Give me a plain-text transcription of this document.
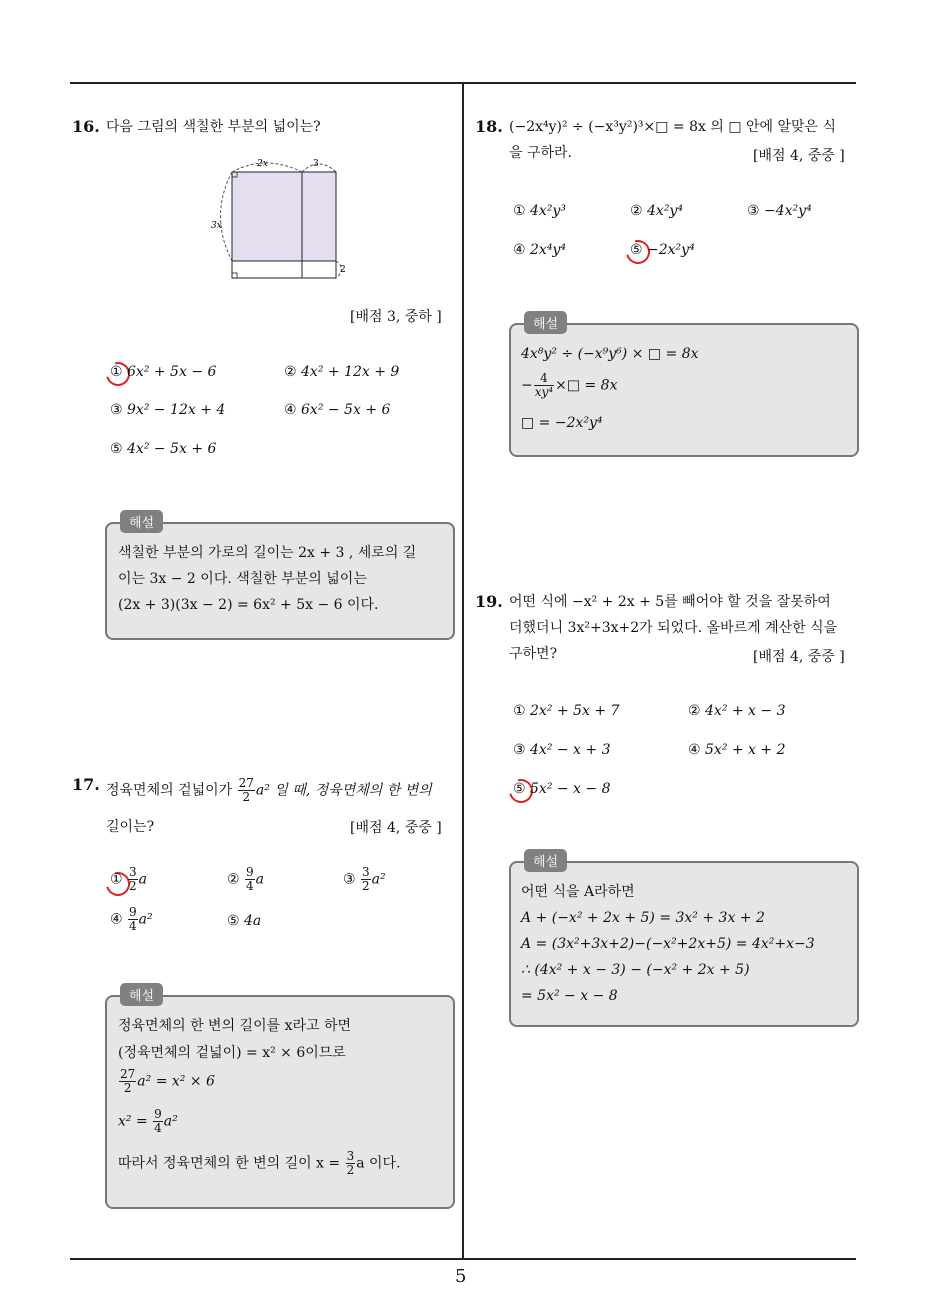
5
16. 다음 그림의 색칠한 부분의 넓이는?
2x	3
3x
2
[배점 3, 중하 ]
① 6x² + 5x − 6	② 4x² + 12x + 9
③ 9x² − 12x + 4	④ 6x² − 5x + 6
⑤ 4x² − 5x + 6
해설
색칠한 부분의 가로의 길이는 2x + 3 , 세로의 길
이는 3x − 2 이다. 색칠한 부분의 넓이는
(2x + 3)(3x − 2) = 6x² + 5x − 6 이다.
17. 정육면체의 겉넓이가 $\frac{27}{2} a^2$ 일 때, 정육면체의 한 변의
길이는?	[배점 4, 중중 ]
① $\frac{3}{2}$ a	② $\frac{9}{4}$ a	③ $\frac{3}{2} a^2$
④ $\frac{9}{4} a^2$	⑤ 4a
해설
정육면체의 한 변의 길이를 x라고 하면
(정육면체의 겉넓이) = x² × 6이므로
$\frac{27}{2} a^2 = x^2 \times 6$
$x^2 = \frac{9}{4} a^2$
따라서 정육면체의 한 변의 길이 $x = \frac{3}{2}$ a 이다.
18. (−2x⁴y)² ÷ (−x³y²)³×□ = 8x 의 □ 안에 알맞은 식
을 구하라.	[배점 4, 중중 ]
① 4x²y³	② 4x²y⁴	③ −4x²y⁴
④ 2x⁴y⁴	⑤ −2x²y⁴
해설
4x⁸y² ÷ (−x⁹y⁶) × □ = 8x
− $\frac{4}{\text{xy⁴}}$ ×□ = 8x
□ = −2x²y⁴
19. 어떤 식에 −x² + 2x + 5를 빼어야 할 것을 잘못하여
더했더니 3x²+3x+2가 되었다. 올바르게 계산한 식을
구하면?	[배점 4, 중중 ]
① 2x² + 5x + 7	② 4x² + x − 3
③ 4x² − x + 3	④ 5x² + x + 2
⑤ 5x² − x − 8
해설
어떤 식을 A라하면
A + (−x² + 2x + 5) = 3x² + 3x + 2
A = (3x²+3x+2)−(−x²+2x+5) = 4x²+x−3
∴ (4x² + x − 3) − (−x² + 2x + 5)
= 5x² − x − 8
